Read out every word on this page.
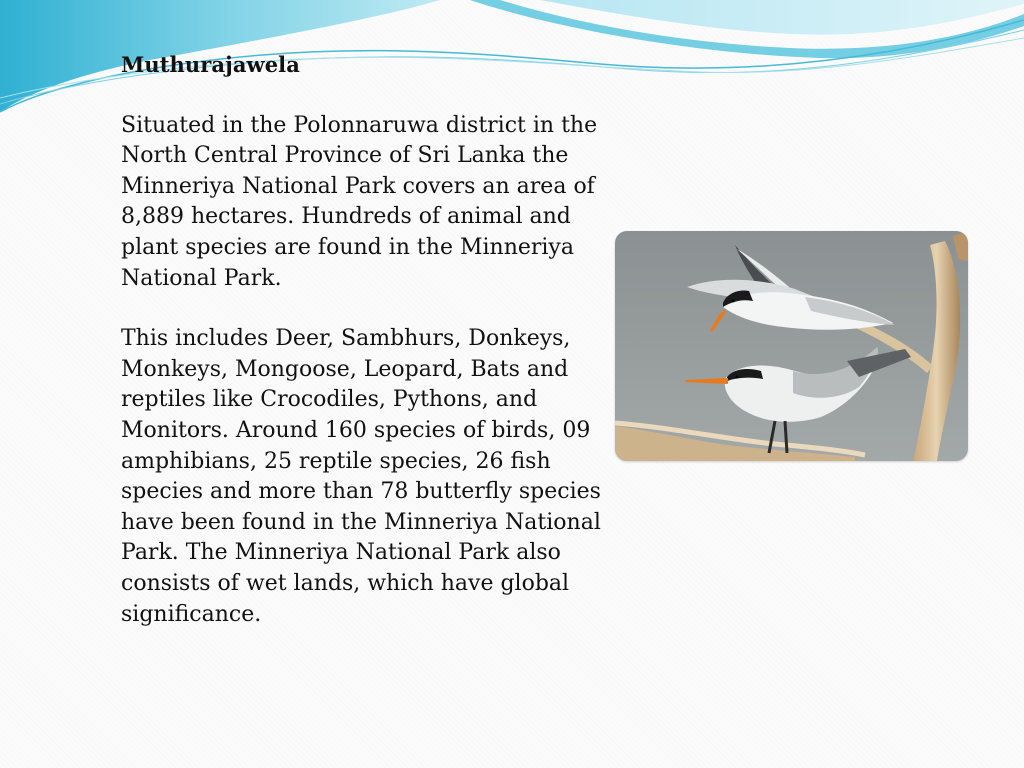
Muthurajawela
Situated in the Polonnaruwa district in the North Central Province of Sri Lanka the Minneriya National Park covers an area of 8,889 hectares. Hundreds of animal and plant species are found in the Minneriya National Park.
This includes Deer, Sambhurs, Donkeys, Monkeys, Mongoose, Leopard, Bats and reptiles like Crocodiles, Pythons, and Monitors. Around 160 species of birds, 09 amphibians, 25 reptile species, 26 fish species and more than 78 butterfly species have been found in the Minneriya National Park. The Minneriya National Park also consists of wet lands, which have global significance.
